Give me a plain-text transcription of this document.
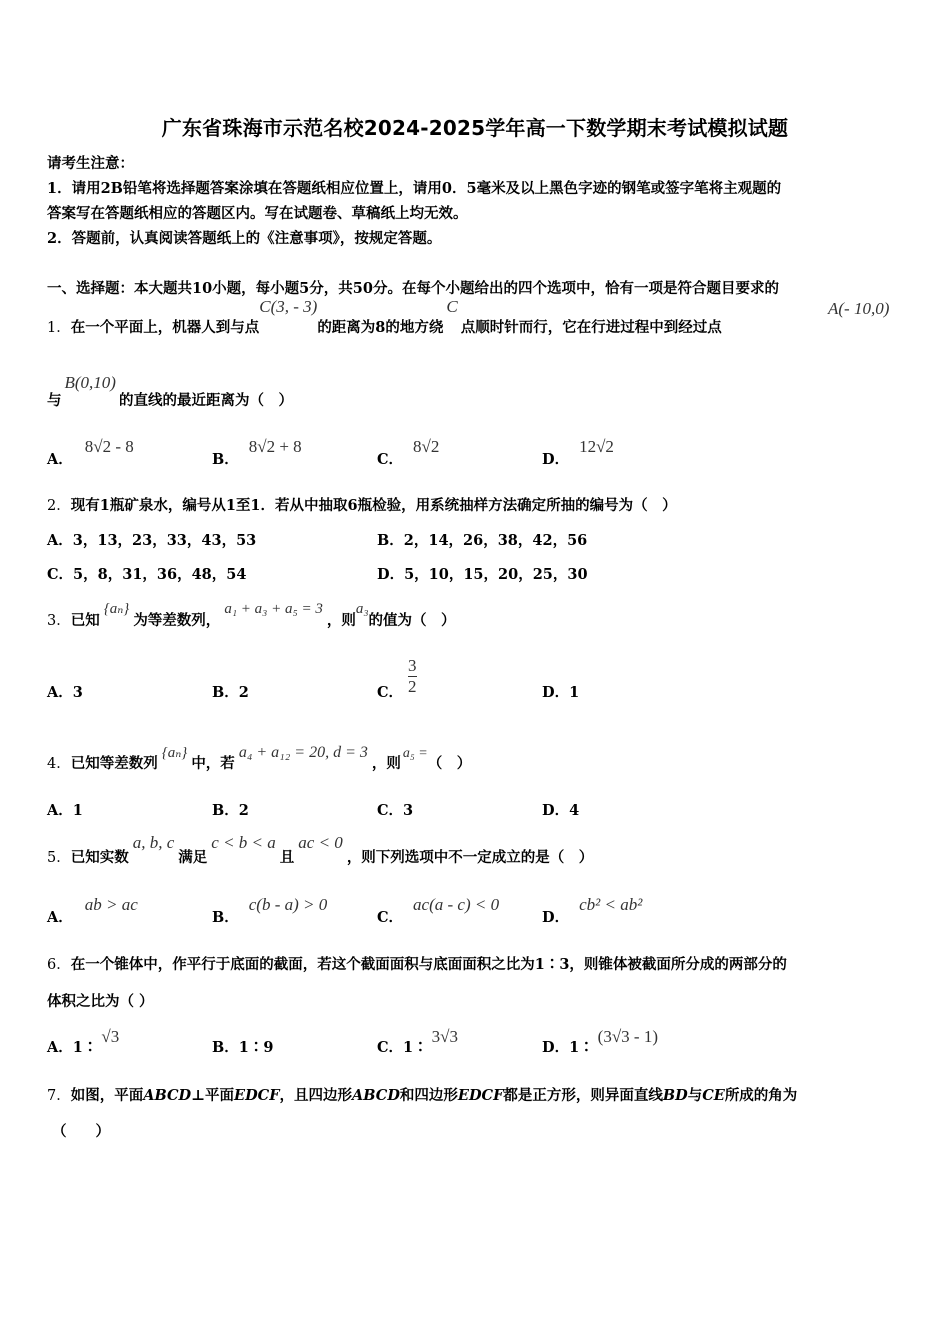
广东省珠海市示范名校2024-2025学年高一下数学期末考试模拟试题
请考生注意：
1．请用2B铅笔将选择题答案涂填在答题纸相应位置上，请用0．5毫米及以上黑色字迹的钢笔或签字笔将主观题的
答案写在答题纸相应的答题区内。写在试题卷、草稿纸上均无效。
2．答题前，认真阅读答题纸上的《注意事项》，按规定答题。
一、选择题：本大题共10小题，每小题5分，共50分。在每个小题给出的四个选项中，恰有一项是符合题目要求的
1．在一个平面上，机器人到与点C(3, - 3)的距离为8的地方绕C点顺时针而行，它在行进过程中到经过点
A(- 10,0)
与B(0,10)的直线的最近距离为（　）
A．8√2 - 8
B．8√2 + 8
C．8√2
D．12√2
2．现有1瓶矿泉水，编号从1至1．若从中抽取6瓶检验，用系统抽样方法确定所抽的编号为（　）
A．3，13，23，33，43，53	B．2，14，26，38，42，56
C．5，8，31，36，48，54	D．5，10，15，20，25，30
3．已知{aₙ}为等差数列，a₁ + a₃ + a₅ = 3，则a₃的值为（　）
A．3	B．2	C． $\frac{3}{2}$	D．1
4．已知等差数列{aₙ}中，若a₄ + a₁₂ = 20, d = 3，则a₅ =（　）
A．1	B．2	C．3	D．4
5．已知实数a, b, c满足c < b < a且ac < 0，则下列选项中不一定成立的是（　）
A．ab > ac
B．c(b - a) > 0
C．ac(a - c) < 0
D．cb² < ab²
6．在一个锥体中，作平行于底面的截面，若这个截面面积与底面面积之比为1∶3，则锥体被截面所分成的两部分的
体积之比为（ ）
A．1∶√3
B．1∶9	C．1∶3√3
D．1∶(3√3 - 1)
7．如图，平面ABCD⊥平面EDCF，且四边形ABCD和四边形EDCF都是正方形，则异面直线BD与CE所成的角为
（　　）
